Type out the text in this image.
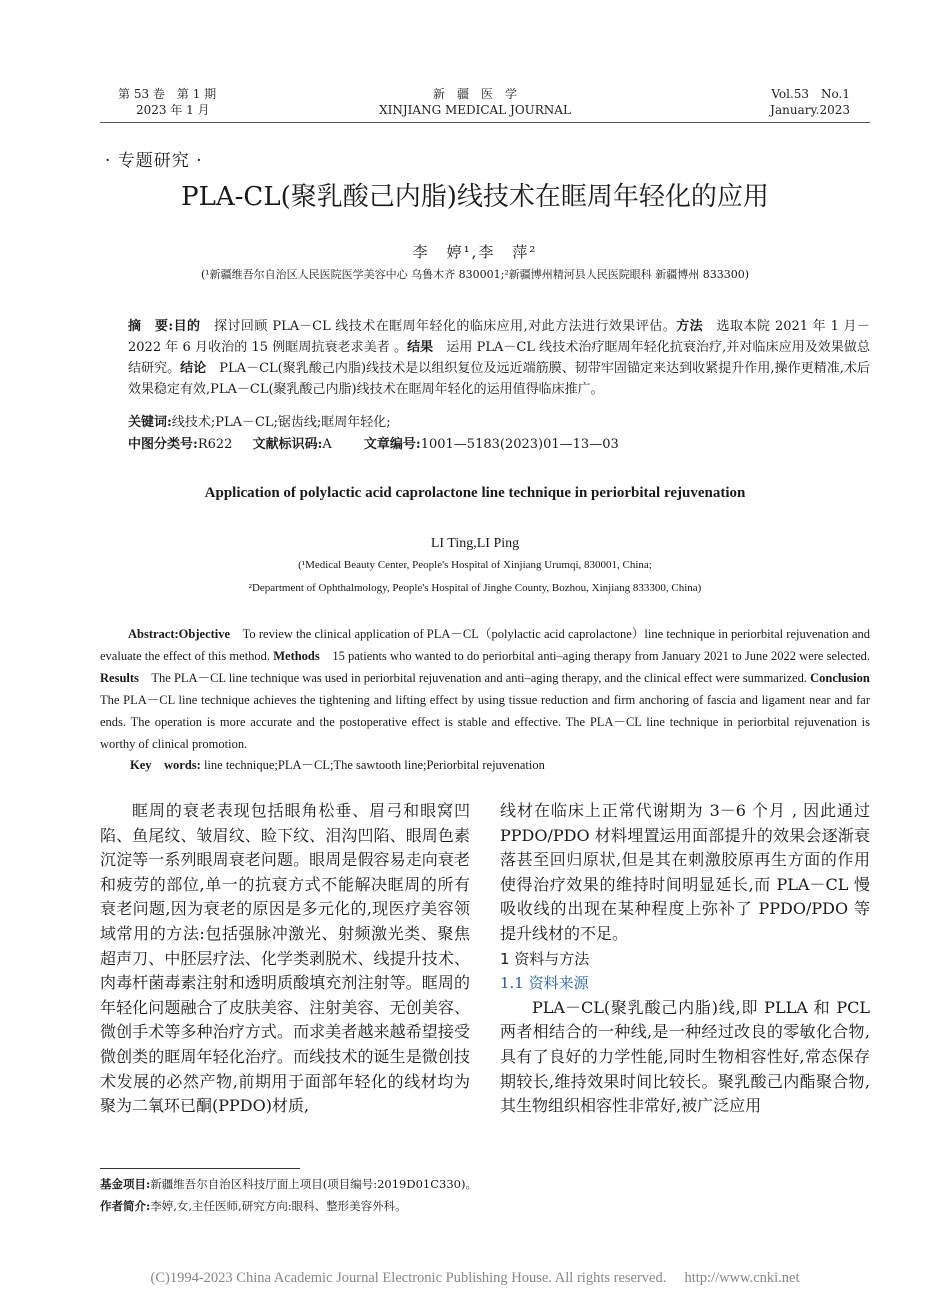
第 53 卷　第 1 期
2023 年 1 月
新　疆　医　学
XINJIANG MEDICAL JOURNAL
Vol.53　No.1
January.2023
· 专题研究 ·
PLA-CL(聚乳酸己内脂)线技术在眶周年轻化的应用
李　婷¹,李　萍²
(¹新疆维吾尔自治区人民医院医学美容中心 乌鲁木齐 830001;²新疆博州精河县人民医院眼科 新疆博州 833300)
摘　要:目的　探讨回顾 PLA－CL 线技术在眶周年轻化的临床应用,对此方法进行效果评估。方法　选取本院 2021 年 1 月－2022 年 6 月收治的 15 例眶周抗衰老求美者 。结果　运用 PLA－CL 线技术治疗眶周年轻化抗衰治疗,并对临床应用及效果做总结研究。结论　PLA－CL(聚乳酸己内脂)线技术是以组织复位及远近端筋膜、韧带牢固锚定来达到收紧提升作用,操作更精准,术后效果稳定有效,PLA－CL(聚乳酸己内脂)线技术在眶周年轻化的运用值得临床推广。
关键词:线技术;PLA－CL;锯齿线;眶周年轻化;
中图分类号:R622 文献标识码:A 文章编号:1001—5183(2023)01—13—03
Application of polylactic acid caprolactone line technique in periorbital rejuvenation
LI Ting,LI Ping
(¹Medical Beauty Center, People's Hospital of Xinjiang Urumqi, 830001, China;
²Department of Ophthalmology, People's Hospital of Jinghe County, Bozhou, Xinjiang 833300, China)
Abstract:Objective　To review the clinical application of PLA－CL（polylactic acid caprolactone）line technique in periorbital rejuvenation and evaluate the effect of this method. Methods　15 patients who wanted to do periorbital anti–aging therapy from January 2021 to June 2022 were selected. Results　The PLA－CL line technique was used in periorbital rejuvenation and anti–aging therapy, and the clinical effect were summarized. Conclusion　The PLA－CL line technique achieves the tightening and lifting effect by using tissue reduction and firm anchoring of fascia and ligament near and far ends. The operation is more accurate and the postoperative effect is stable and effective. The PLA－CL line technique in periorbital rejuvenation is worthy of clinical promotion.
Key　words: line technique;PLA－CL;The sawtooth line;Periorbital rejuvenation

眶周的衰老表现包括眼角松垂、眉弓和眼窝凹陷、鱼尾纹、皱眉纹、睑下纹、泪沟凹陷、眼周色素沉淀等一系列眼周衰老问题。眼周是假容易走向衰老和疲劳的部位,单一的抗衰方式不能解决眶周的所有衰老问题,因为衰老的原因是多元化的,现医疗美容领域常用的方法:包括强脉冲激光、射频激光类、聚焦超声刀、中胚层疗法、化学类剥脱术、线提升技术、肉毒杆菌毒素注射和透明质酸填充剂注射等。眶周的年轻化问题融合了皮肤美容、注射美容、无创美容、微创手术等多种治疗方式。而求美者越来越希望接受微创类的眶周年轻化治疗。而线技术的诞生是微创技术发展的必然产物,前期用于面部年轻化的线材均为聚为二氧环已酮(PPDO)材质,

线材在临床上正常代谢期为 3－6 个月 , 因此通过 PPDO/PDO 材料埋置运用面部提升的效果会逐渐衰落甚至回归原状,但是其在刺激胶原再生方面的作用使得治疗效果的维持时间明显延长,而 PLA－CL 慢吸收线的出现在某种程度上弥补了 PPDO/PDO 等提升线材的不足。

1 资料与方法

1.1 资料来源

PLA－CL(聚乳酸己内脂)线,即 PLLA 和 PCL 两者相结合的一种线,是一种经过改良的零敏化合物,具有了良好的力学性能,同时生物相容性好,常态保存期较长,维持效果时间比较长。聚乳酸己内酯聚合物,其生物组织相容性非常好,被广泛应用

基金项目:新疆维吾尔自治区科技厅面上项目(项目编号:2019D01C330)。
作者简介:李婷,女,主任医师,研究方向:眼科、整形美容外科。
(C)1994-2023 China Academic Journal Electronic Publishing House. All rights reserved.　 http://www.cnki.net
